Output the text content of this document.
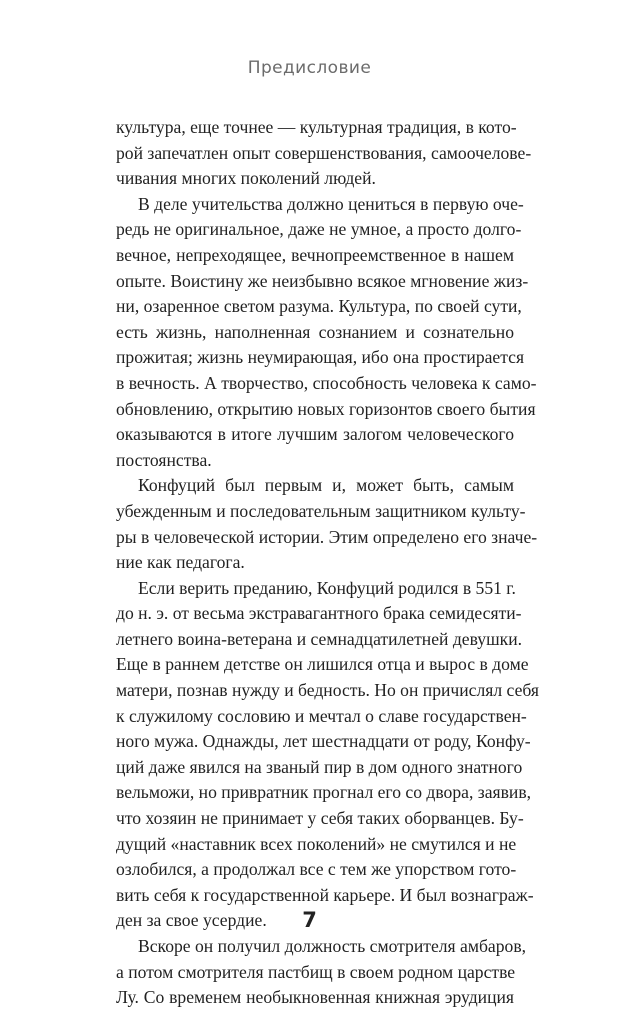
Предисловие
культура, еще точнее — культурная традиция, в кото-
рой запечатлен опыт совершенствования, самоочелове-
чивания многих поколений людей.
В деле учительства должно цениться в первую оче-
редь не оригинальное, даже не умное, а просто долго-
вечное, непреходящее, вечнопреемственное в нашем
опыте. Воистину же неизбывно всякое мгновение жиз-
ни, озаренное светом разума. Культура, по своей сути,
есть жизнь, наполненная сознанием и сознательно
прожитая; жизнь неумирающая, ибо она простирается
в вечность. А творчество, способность человека к само-
обновлению, открытию новых горизонтов своего бытия
оказываются в итоге лучшим залогом человеческого
постоянства.
Конфуций был первым и, может быть, самым
убежденным и последовательным защитником культу-
ры в человеческой истории. Этим определено его значе-
ние как педагога.
Если верить преданию, Конфуций родился в 551 г.
до н. э. от весьма экстравагантного брака семидесяти-
летнего воина-ветерана и семнадцатилетней девушки.
Еще в раннем детстве он лишился отца и вырос в доме
матери, познав нужду и бедность. Но он причислял себя
к служилому сословию и мечтал о славе государствен-
ного мужа. Однажды, лет шестнадцати от роду, Конфу-
ций даже явился на званый пир в дом одного знатного
вельможи, но привратник прогнал его со двора, заявив,
что хозяин не принимает у себя таких оборванцев. Бу-
дущий «наставник всех поколений» не смутился и не
озлобился, а продолжал все с тем же упорством гото-
вить себя к государственной карьере. И был вознаграж-
ден за свое усердие.
Вскоре он получил должность смотрителя амбаров,
а потом смотрителя пастбищ в своем родном царстве
Лу. Со временем необыкновенная книжная эрудиция
7
